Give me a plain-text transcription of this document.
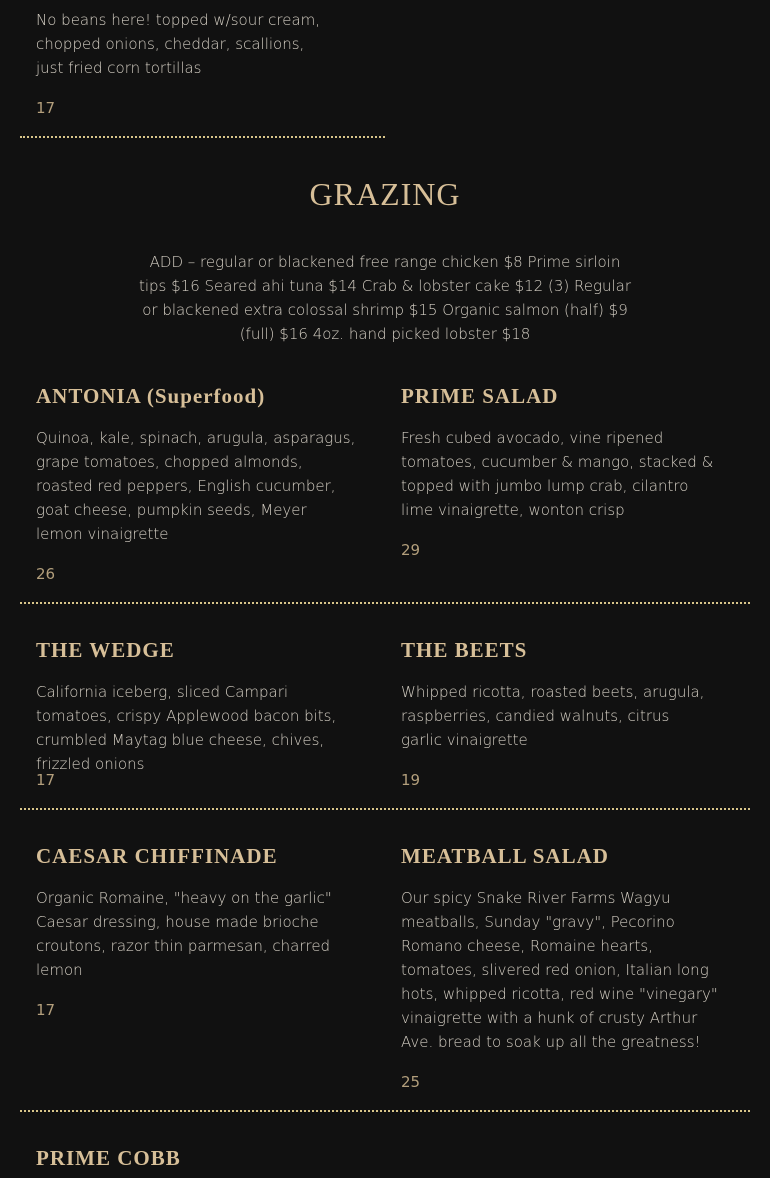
No beans here! topped w/sour cream, chopped onions, cheddar, scallions, just fried corn tortillas

17

GRAZING

ADD – regular or blackened free range chicken $8 Prime sirloin tips $16 Seared ahi tuna $14 Crab & lobster cake $12 (3) Regular or blackened extra colossal shrimp $15 Organic salmon (half) $9 (full) $16 4oz. hand picked lobster $18

ANTONIA (Superfood)

Quinoa, kale, spinach, arugula, asparagus, grape tomatoes, chopped almonds, roasted red peppers, English cucumber, goat cheese, pumpkin seeds, Meyer lemon vinaigrette

26

PRIME SALAD

Fresh cubed avocado, vine ripened tomatoes, cucumber & mango, stacked & topped with jumbo lump crab, cilantro lime vinaigrette, wonton crisp

29

THE WEDGE

California iceberg, sliced Campari tomatoes, crispy Applewood bacon bits, crumbled Maytag blue cheese, chives, frizzled onions

17

THE BEETS

Whipped ricotta, roasted beets, arugula, raspberries, candied walnuts, citrus garlic vinaigrette

19

CAESAR CHIFFINADE

Organic Romaine, "heavy on the garlic" Caesar dressing, house made brioche croutons, razor thin parmesan, charred lemon

17

MEATBALL SALAD

Our spicy Snake River Farms Wagyu meatballs, Sunday "gravy", Pecorino Romano cheese, Romaine hearts, tomatoes, slivered red onion, Italian long hots, whipped ricotta, red wine "vinegary" vinaigrette with a hunk of crusty Arthur Ave. bread to soak up all the greatness!

25

PRIME COBB
